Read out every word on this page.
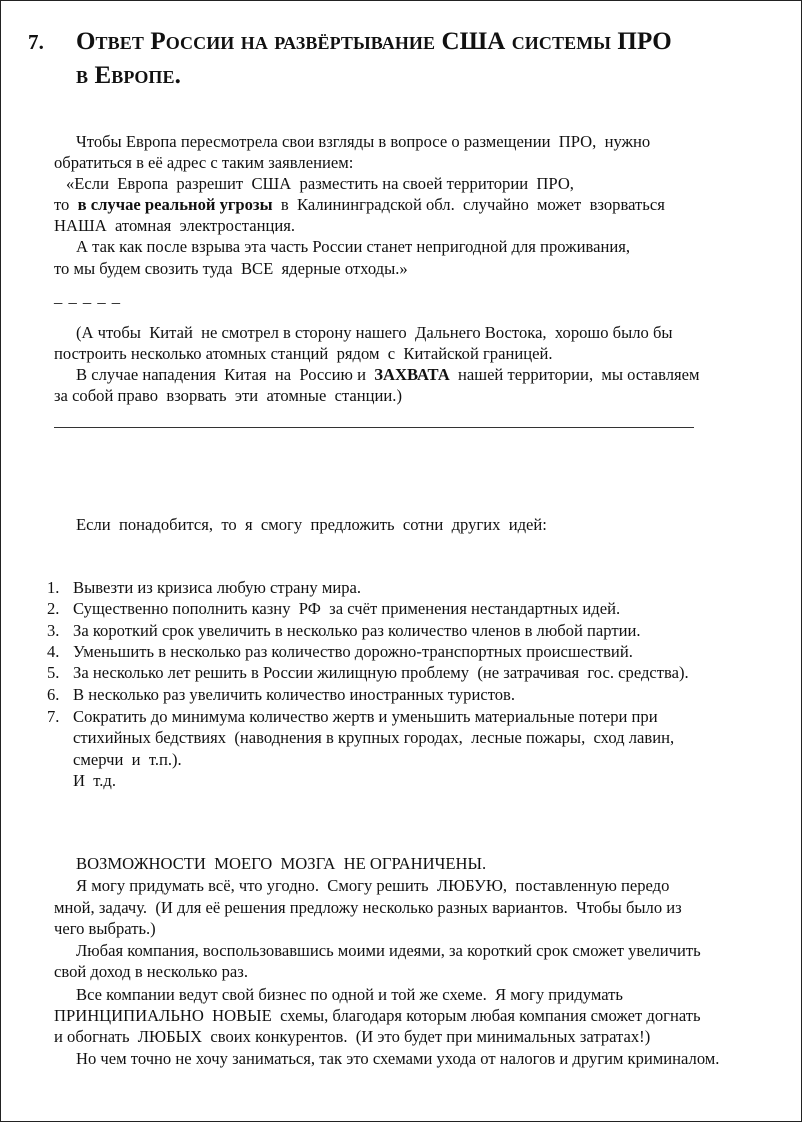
7. Ответ России на развёртывание США системы ПРО
в Европе.
Чтобы Европа пересмотрела свои взгляды в вопросе о размещении  ПРО,  нужно
обратиться в её адрес с таким заявлением:
«Если  Европа  разрешит  США  разместить на своей территории  ПРО,
то  в случае реальной угрозы  в  Калининградской обл.  случайно  может  взорваться
НАША  атомная  электростанция.
А так как после взрыва эта часть России станет непригодной для проживания,
то мы будем свозить туда  ВСЕ  ядерные отходы.»
_ _ _ _ _
(А чтобы  Китай  не смотрел в сторону нашего  Дальнего Востока,  хорошо было бы
построить несколько атомных станций  рядом  с  Китайской границей.
В случае нападения  Китая  на  Россию и  ЗАХВАТА  нашей территории,  мы оставляем
за собой право  взорвать  эти  атомные  станции.)
Если  понадобится,  то  я  смогу  предложить  сотни  других  идей:
1. Вывезти из кризиса любую страну мира.
2. Существенно пополнить казну  РФ  за счёт применения нестандартных идей.
3. За короткий срок увеличить в несколько раз количество членов в любой партии.
4. Уменьшить в несколько раз количество дорожно-транспортных происшествий.
5. За несколько лет решить в России жилищную проблему  (не затрачивая  гос. средства).
6. В несколько раз увеличить количество иностранных туристов.
7. Сократить до минимума количество жертв и уменьшить материальные потери при
стихийных бедствиях  (наводнения в крупных городах,  лесные пожары,  сход лавин,
смерчи  и  т.п.).
И  т.д.
ВОЗМОЖНОСТИ  МОЕГО  МОЗГА  НЕ ОГРАНИЧЕНЫ.
Я могу придумать всё, что угодно.  Смогу решить  ЛЮБУЮ,  поставленную передо
мной, задачу.  (И для её решения предложу несколько разных вариантов.  Чтобы было из
чего выбрать.)
Любая компания, воспользовавшись моими идеями, за короткий срок сможет увеличить
свой доход в несколько раз.
Все компании ведут свой бизнес по одной и той же схеме.  Я могу придумать
ПРИНЦИПИАЛЬНО  НОВЫЕ  схемы, благодаря которым любая компания сможет догнать
и обогнать  ЛЮБЫХ  своих конкурентов.  (И это будет при минимальных затратах!)
Но чем точно не хочу заниматься, так это схемами ухода от налогов и другим криминалом.
